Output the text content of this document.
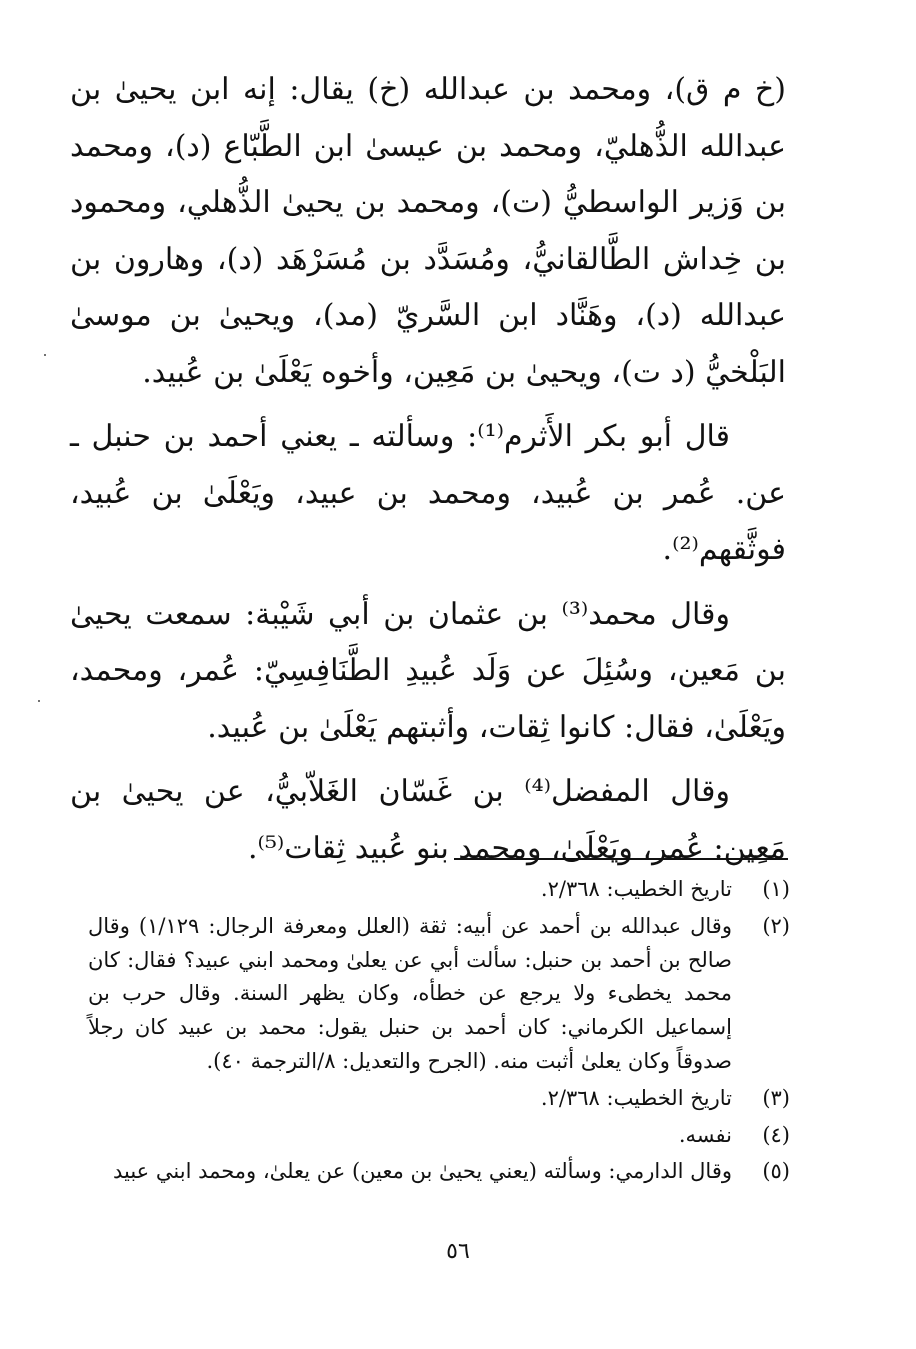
(خ م ق)، ومحمد بن عبدالله (خ) يقال: إنه ابن يحيىٰ بن عبدالله الذُّهليّ، ومحمد بن عيسىٰ ابن الطَّبّاع (د)، ومحمد بن وَزير الواسطيُّ (ت)، ومحمد بن يحيىٰ الذُّهلي، ومحمود بن خِداش الطَّالقانيُّ، ومُسَدَّد بن مُسَرْهَد (د)، وهارون بن عبدالله (د)، وهَنَّاد ابن السَّريّ (مد)، ويحيىٰ بن موسىٰ البَلْخيُّ (د ت)، ويحيىٰ بن مَعِين، وأخوه يَعْلَىٰ بن عُبيد.

قال أبو بكر الأَثرم⁽¹⁾: وسألته ـ يعني أحمد بن حنبل ـ عن. عُمر بن عُبيد، ومحمد بن عبيد، ويَعْلَىٰ بن عُبيد، فوثَّقهم⁽²⁾.

وقال محمد⁽³⁾ بن عثمان بن أبي شَيْبة: سمعت يحيىٰ بن مَعين، وسُئِلَ عن وَلَد عُبيدِ الطَّنَافِسِيّ: عُمر، ومحمد، ويَعْلَىٰ، فقال: كانوا ثِقات، وأثبتهم يَعْلَىٰ بن عُبيد.

وقال المفضل⁽⁴⁾ بن غَسّان الغَلاّبيُّ، عن يحيىٰ بن مَعِين: عُمر، ويَعْلَىٰ، ومحمد بنو عُبيد ثِقات⁽⁵⁾.

(١)
تاريخ الخطيب: ٢/٣٦٨.
(٢)
وقال عبدالله بن أحمد عن أبيه: ثقة (العلل ومعرفة الرجال: ١/١٢٩) وقال صالح بن أحمد بن حنبل: سألت أبي عن يعلىٰ ومحمد ابني عبيد؟ فقال: كان محمد يخطىء ولا يرجع عن خطأه، وكان يظهر السنة. وقال حرب بن إسماعيل الكرماني: كان أحمد بن حنبل يقول: محمد بن عبيد كان رجلاً صدوقاً وكان يعلىٰ أثبت منه. (الجرح والتعديل: ٨/الترجمة ٤٠).
(٣)
تاريخ الخطيب: ٢/٣٦٨.
(٤)
نفسه.
(٥)
وقال الدارمي: وسألته (يعني يحيىٰ بن معين) عن يعلىٰ، ومحمد ابني عبيد
٥٦
